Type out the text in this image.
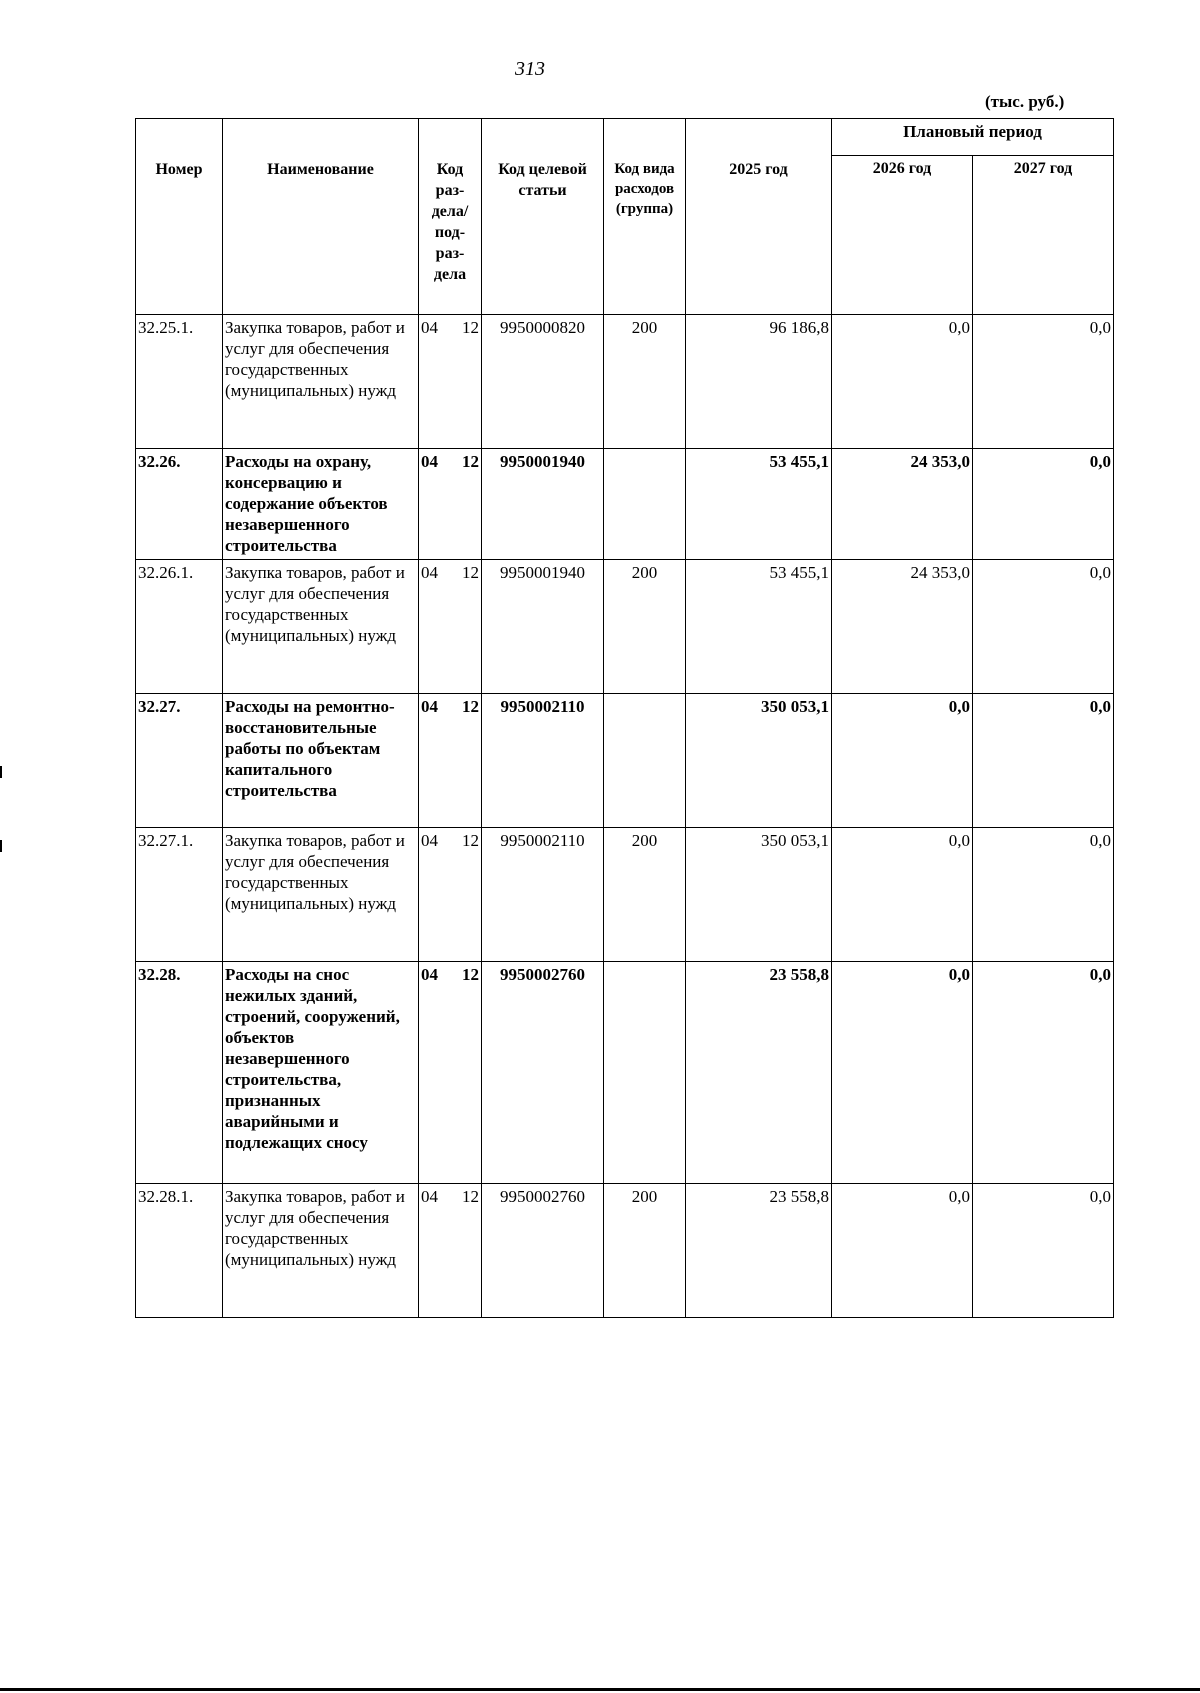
313
(тыс. руб.)
Номер	Наименование	Код раз-дела/ под-раз-дела	Код целевой статьи	Код вида расходов (группа)	2025 год	Плановый период	
						2026 год	2027 год
32.25.1.	Закупка товаров, работ и услуг для обеспечения государственных (муниципальных) нужд	04 12	9950000820	200	96 186,8	0,0	0,0
32.26.	Расходы на охрану, консервацию и содержание объектов незавершенного строительства	04 12	9950001940		53 455,1	24 353,0	0,0
32.26.1.	Закупка товаров, работ и услуг для обеспечения государственных (муниципальных) нужд	04 12	9950001940	200	53 455,1	24 353,0	0,0
32.27.	Расходы на ремонтно-восстановительные работы по объектам капитального строительства	04 12	9950002110		350 053,1	0,0	0,0
32.27.1.	Закупка товаров, работ и услуг для обеспечения государственных (муниципальных) нужд	04 12	9950002110	200	350 053,1	0,0	0,0
32.28.	Расходы на снос нежилых зданий, строений, сооружений, объектов незавершенного строительства, признанных аварийными и подлежащих сносу	04 12	9950002760		23 558,8	0,0	0,0
32.28.1.	Закупка товаров, работ и услуг для обеспечения государственных (муниципальных) нужд	04 12	9950002760	200	23 558,8	0,0	0,0
